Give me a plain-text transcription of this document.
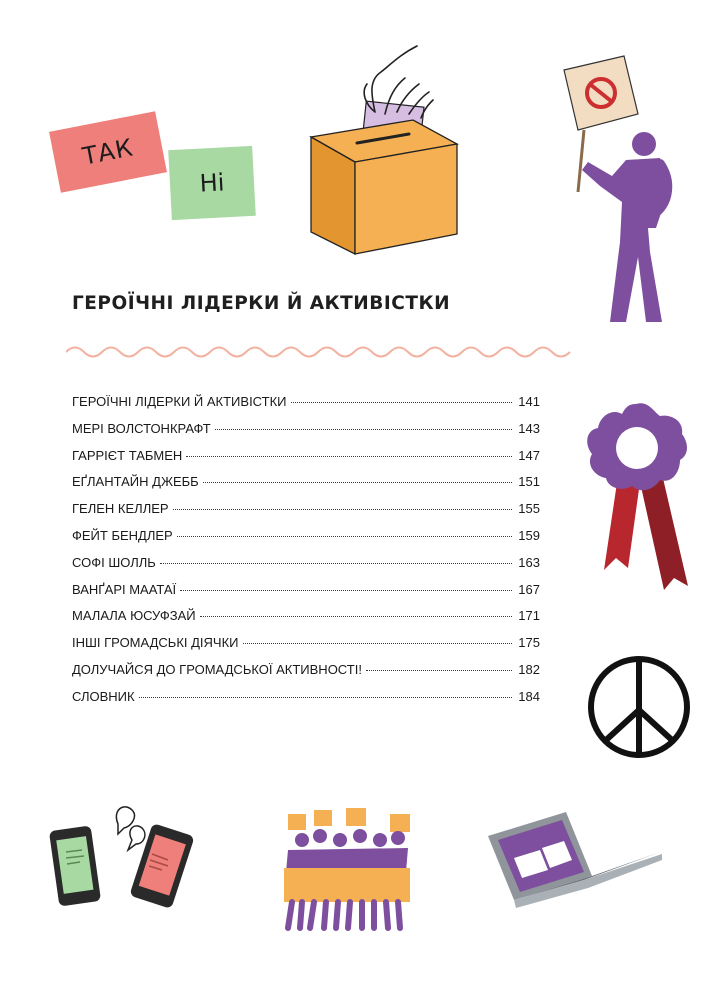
ТАК
Ні
ГЕРОЇЧНІ ЛІДЕРКИ Й АКТИВІСТКИ
ГЕРОЇЧНІ ЛІДЕРКИ Й АКТИВІСТКИ	141
МЕРІ ВОЛСТОНКРАФТ	143
ГАРРІЄТ ТАБМЕН	147
ЕҐЛАНТАЙН ДЖЕББ	151
ГЕЛЕН КЕЛЛЕР	155
ФЕЙТ БЕНДЛЕР	159
СОФІ ШОЛЛЬ	163
ВАНҐАРІ МААТАЇ	167
МАЛАЛА ЮСУФЗАЙ	171
ІНШІ ГРОМАДСЬКІ ДІЯЧКИ	175
ДОЛУЧАЙСЯ ДО ГРОМАДСЬКОЇ АКТИВНОСТІ!	182
СЛОВНИК	184
